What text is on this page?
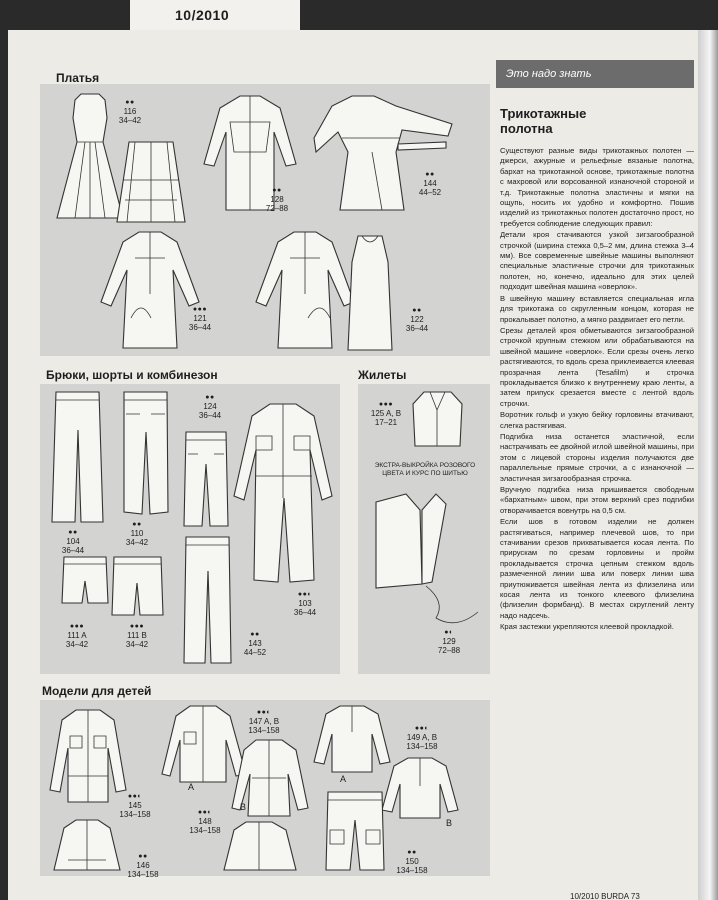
10/2010
Платья
●●
116
34–42
●●
128
72–88
●●
144
44–52
●●●
121
36–44
●●
122
36–44
Брюки, шорты и комбинезон
●●
104
36–44
●●
110
34–42
●●
124
36–44
●●●
111 A
34–42
●●●
111 B
34–42
●●
143
44–52
●●◐
103
36–44
Жилеты
●●●
125 A, B
17–21
ЭКСТРА-ВЫКРОЙКА РОЗОВОГО ЦВЕТА И КУРС ПО ШИТЬЮ
●◐
129
72–88
Модели для детей
●●◐
145
134–158
●●
146
134–158
A
●●◐
147 A, B
134–158
B
●●◐
148
134–158
A
●●◐
149 A, B
134–158
B
●●
150
134–158
Это надо знать
Трикотажные полотна

Существуют разные виды трикотажных полотен — джерси, ажурные и рельефные вязаные полотна, бархат на трикотажной основе, трикотажные полотна с махровой или ворсованной изнаночной стороной и т.д. Трикотажные полотна эластичны и мягки на ощупь, носить их удобно и комфортно. Пошив изделий из трикотажных полотен достаточно прост, но требуется соблюдение следующих правил:

Детали кроя стачиваются узкой зигзагообразной строчкой (ширина стежка 0,5–2 мм, длина стежка 3–4 мм). Все современные швейные машины выполняют специальные эластичные строчки для трикотажных полотен, но, конечно, идеально для этих целей подходит швейная машина «оверлок».

В швейную машину вставляется специальная игла для трикотажа со скругленным концом, которая не прокалывает полотно, а мягко раздвигает его петли.

Срезы деталей кроя обметываются зигзагообразной строчкой крупным стежком или обрабатываются на швейной машине «оверлок». Если срезы очень легко растягиваются, то вдоль среза приклеивается клеевая прозрачная лента (Tesafilm) и строчка прокладывается близко к внутреннему краю ленты, а затем припуск срезается вместе с лентой вдоль строчки.

Воротник гольф и узкую бейку горловины втачивают, слегка растягивая.

Подгибка низа останется эластичной, если настрачивать ее двойной иглой швейной машины, при этом с лицевой стороны изделия получаются две параллельные прямые строчки, а с изнаночной — эластичная зигзагообразная строчка.

Вручную подгибка низа пришивается свободным «бархатным» швом, при этом верхний срез подгибки отворачивается вовнутрь на 0,5 см.

Если шов в готовом изделии не должен растягиваться, например плечевой шов, то при стачивании срезов прихватывается косая лента. По прирускам по срезам горловины и пройм прокладывается строчка цепным стежком вдоль размеченной линии шва или поверх линии шва приутюживается швейная лента из флизелина или косая лента из тонкого клеевого флизелина (флизелин формбанд). В местах скруглений ленту надо надсечь.

Края застежки укрепляются клеевой прокладкой.

10/2010 BURDA 73
